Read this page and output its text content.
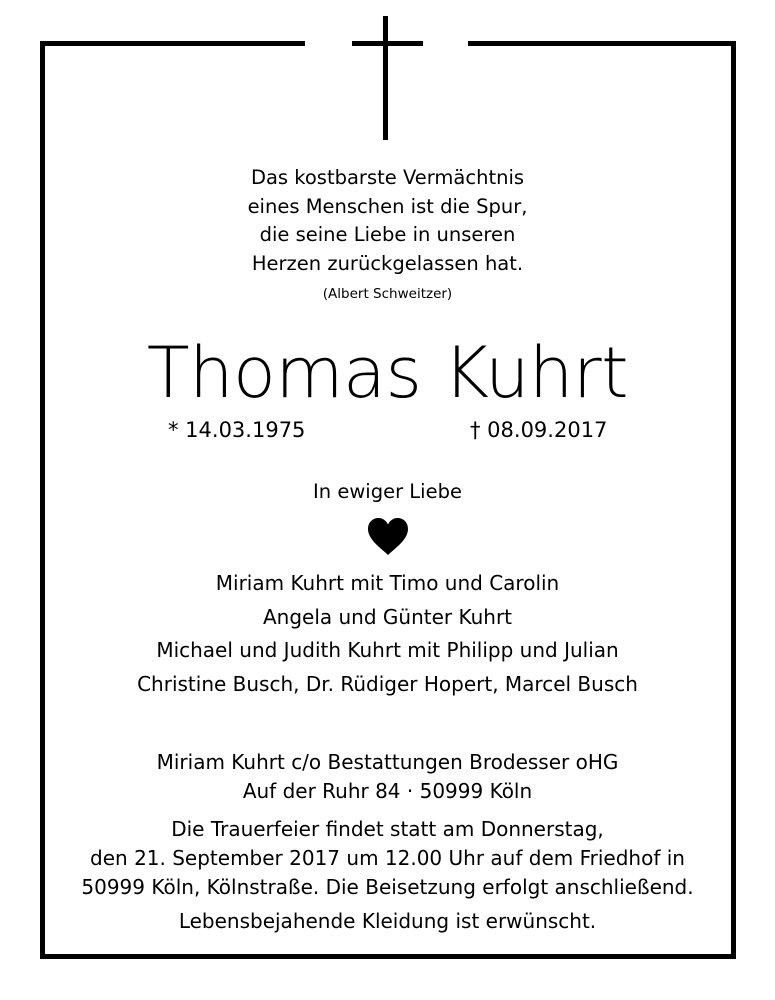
Das kostbarste Vermächtnis
eines Menschen ist die Spur,
die seine Liebe in unseren
Herzen zurückgelassen hat.
(Albert Schweitzer)
Thomas Kuhrt
* 14.03.1975	† 08.09.2017
In ewiger Liebe
Miriam Kuhrt mit Timo und Carolin
Angela und Günter Kuhrt
Michael und Judith Kuhrt mit Philipp und Julian
Christine Busch, Dr. Rüdiger Hopert, Marcel Busch
Miriam Kuhrt c/o Bestattungen Brodesser oHG
Auf der Ruhr 84 · 50999 Köln
Die Trauerfeier findet statt am Donnerstag,
den 21. September 2017 um 12.00 Uhr auf dem Friedhof in
50999 Köln, Kölnstraße. Die Beisetzung erfolgt anschließend.
Lebensbejahende Kleidung ist erwünscht.
